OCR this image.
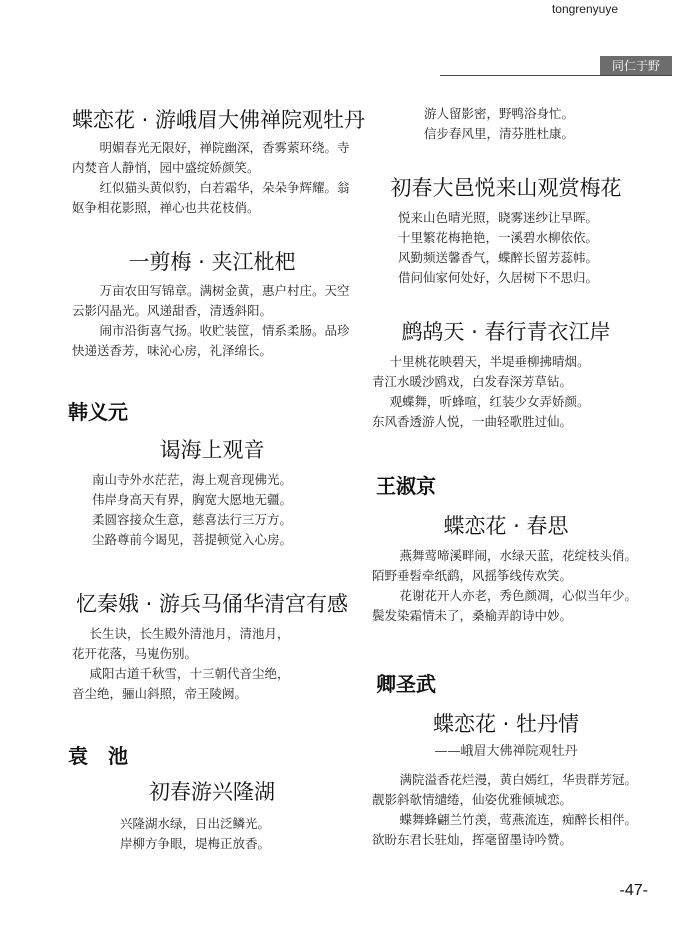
tongrenyuye
同仁于野
蝶恋花 · 游峨眉大佛禅院观牡丹

明媚春光无限好，禅院幽深，香雾萦环绕。寺内焚音人静悄，园中盛绽娇颜笑。

红似猫头黄似豹，白若霜华，朵朵争辉耀。翁妪争相花影照，禅心也共花枝俏。

一剪梅 · 夹江枇杷

万亩农田写锦章。满树金黄，惠户村庄。天空云影闪晶光。风递甜香，清透斜阳。

闹市沿街喜气扬。收贮装筐，情系柔肠。品珍快递送香芳，味沁心房，礼泽绵长。

韩义元
谒海上观音

南山寺外水茫茫，海上观音现佛光。

伟岸身高天有界，胸宽大愿地无疆。

柔圆容接众生意，慈喜法行三万方。

尘路尊前今谒见，菩提顿觉入心房。

忆秦娥 · 游兵马俑华清宫有感

长生诀，长生殿外清池月，清池月，

花开花落，马嵬伤别。

咸阳古道千秋雪，十三朝代音尘绝，

音尘绝，骊山斜照，帝王陵阙。

袁　池
初春游兴隆湖

兴隆湖水绿，日出泛鳞光。

岸柳方争眼，堤梅正放香。

游人留影密，野鸭浴身忙。

信步春风里，清芬胜杜康。

初春大邑悦来山观赏梅花

悦来山色晴光照，晓雾迷纱让早晖。

十里繁花梅艳艳，一溪碧水柳依依。

风勤频送馨香气，蝶醉长留芳蕊帏。

借问仙家何处好，久居树下不思归。

鹧鸪天 · 春行青衣江岸

十里桃花映碧天，半堤垂柳拂晴烟。

青江水暖沙鸥戏，白发春深芳草钻。

观蝶舞，听蜂喧，红装少女弄娇颜。

东风香透游人悦，一曲轻歌胜过仙。

王淑京
蝶恋花 · 春思

燕舞莺啼溪畔闹，水绿天蓝，花绽枝头俏。陌野垂髫牵纸鹞，风摇筝线传欢笑。

花谢花开人亦老，秀色颜凋，心似当年少。鬓发染霜情未了，桑榆弄韵诗中妙。

卿圣武
蝶恋花 · 牡丹情
——峨眉大佛禅院观牡丹

满院溢香花烂漫，黄白嫣红，华贵群芳冠。靓影斜欹情缱绻，仙姿优雅倾城恋。

蝶舞蜂翩兰竹羡，莺燕流连，痴醉长相伴。欲盼东君长驻灿，挥毫留墨诗吟赞。

-47-
